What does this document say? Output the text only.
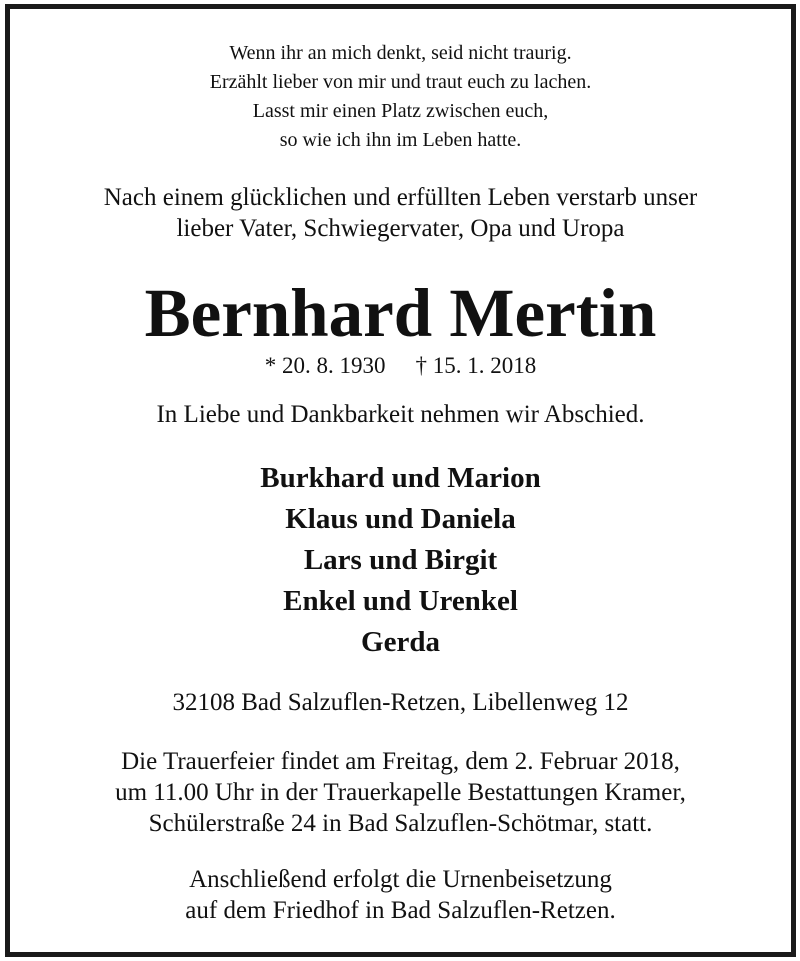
Wenn ihr an mich denkt, seid nicht traurig.
Erzählt lieber von mir und traut euch zu lachen.
Lasst mir einen Platz zwischen euch,
so wie ich ihn im Leben hatte.
Nach einem glücklichen und erfüllten Leben verstarb unser
lieber Vater, Schwiegervater, Opa und Uropa
Bernhard Mertin
* 20. 8. 1930 † 15. 1. 2018
In Liebe und Dankbarkeit nehmen wir Abschied.
Burkhard und Marion
Klaus und Daniela
Lars und Birgit
Enkel und Urenkel
Gerda
32108 Bad Salzuflen-Retzen, Libellenweg 12
Die Trauerfeier findet am Freitag, dem 2. Februar 2018,
um 11.00 Uhr in der Trauerkapelle Bestattungen Kramer,
Schülerstraße 24 in Bad Salzuflen-Schötmar, statt.
Anschließend erfolgt die Urnenbeisetzung
auf dem Friedhof in Bad Salzuflen-Retzen.
